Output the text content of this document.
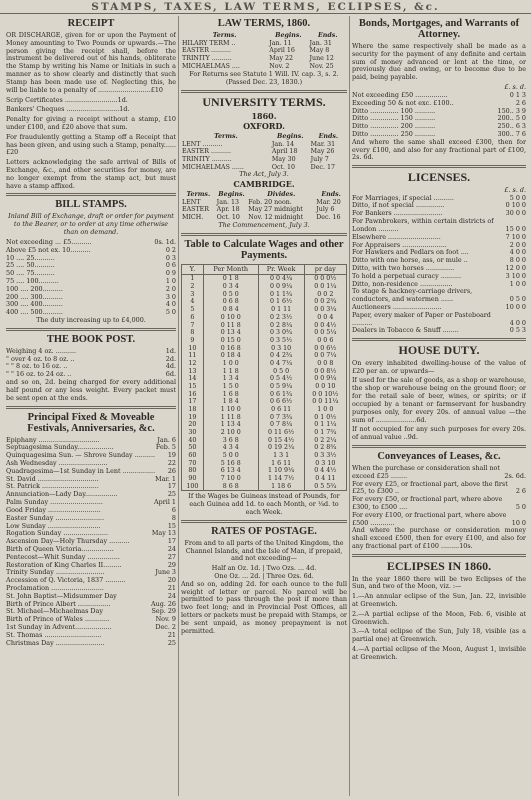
STAMPS, TAXES, LAW TERMS, ECLIPSES, &c.
RECEIPT
OR DISCHARGE, given for or upon the Payment of Money amounting to Two Pounds or upwards.—The person giving the receipt shall, before the instrument be delivered out of his hands, obliterate the Stamp by writing his Name or Initials in such a manner as to show clearly and distinctly that such Stamp has been made use of. Neglecting this, he will be liable to a penalty of ..........................£10
Scrip Certificates ..........................1d.
Bankers' Cheques ..........................1d.
Penalty for giving a receipt without a stamp, £10 under £100, and £20 above that sum.
For fraudulently getting a Stamp off a Receipt that has been given, and using such a Stamp, penalty......£20
Letters acknowledging the safe arrival of Bills of Exchange, &c., and other securities for money, are no longer exempt from the stamp act, but must have a stamp affixed.
BILL STAMPS.
Inland Bill of Exchange, draft or order for payment to the Bearer, or to order at any time otherwise than on demand.
Not exceeding ... £5..........	0s. 1d.
Above £5 not ex. 10..........	0 2
10 .... 25..........	0 3
25 .... 50..........	0 6
50 .... 75..........	0 9
75 .... 100..........	1 0
100 .... 200..........	2 0
200 .... 300..........	3 0
300 .... 400..........	4 0
400 .... 500..........	5 0
The duty increasing up to £4,000.
THE BOOK POST.
Weighing 4 oz. ..........	1d.
" over 4 oz. to 8 oz. ..	2d.
" " 8 oz. to 16 oz. ..	4d.
" " 16 oz. to 24 oz. ..	6d.
and so on, 2d. being charged for every additional half pound or any less weight. Every packet must be sent open at the ends.
Principal Fixed & Moveable Festivals, Anniversaries, &c.
Epiphany ..............................	Jan. 6
Septuagesima Sunday..................	Feb. 5
Quinquagesima Sun. — Shrove Sunday .......... 19
Ash Wednesday ........................	22
Quadragesima—1st Sunday in Lent ................ 26
St. David ..............................	Mar. 1
St. Patrick ............................	17
Annunciation—Lady Day................	25
Palm Sunday ..........................	April 1
Good Friday ..........................	6
Easter Sunday ........................	8
Low Sunday ..........................	15
Rogation Sunday ......................	May 13
Ascension Day—Holy Thursday ..........	17
Birth of Queen Victoria................	24
Pentecost—Whit Sunday ................	27
Restoration of King Charles II.........	29
Trinity Sunday ........................	June 3
Accession of Q. Victoria, 1837 ..........	20
Proclamation ..........................	21
St. John Baptist—Midsummer Day	24
Birth of Prince Albert ................	Aug. 26
St. Michael—Michaelmas Day	Sep. 29
Birth of Prince of Wales ............	Nov. 9
1st Sunday in Advent..................	Dec. 2
St. Thomas ............................	21
Christmas Day ........................	25
LAW TERMS, 1860.
Terms.	Begins.	Ends.
HILARY TERM ..	Jan. 11	Jan. 31
EASTER ..........	April 16	May 8
TRINITY ..........	May 22	June 12
MICHAELMAS ....	Nov. 2	Nov. 25
For Returns see Statute 1 Will. IV. cap. 3, s. 2. (Passed Dec. 23, 1830.)
UNIVERSITY TERMS.
1860.
OXFORD.
Terms.	Begins.	Ends.
LENT ..........	Jan. 14	Mar. 31
EASTER ..........	April 18	May 26
TRINITY ..........	May 30	July 7
MICHAELMAS ......	Oct. 10	Dec. 17
The Act, July 3.
CAMBRIDGE.
Terms.	Begins.	Divides.	Ends.
LENT	Jan. 13	Feb. 20 noon.	Mar. 20
EASTER	Apr. 18	May 27 midnight	July 6
MICH.	Oct. 10	Nov. 12 midnight	Dec. 16
The Commencement, July 3.
Table to Calculate Wages and other Payments.
Y.	Per Month	Pr. Week	pr day
1	0 1 8	0 0 4¼	0 0 0½
2	0 3 4	0 0 9¼	0 0 1¼
3	0 5 0	0 1 1¾	0 0 2
4	0 6 8	0 1 6½	0 0 2¾
5	0 8 4	0 1 11	0 0 3¼
6	0 10 0	0 2 3½	0 0 4
7	0 11 8	0 2 8¼	0 0 4½
8	0 13 4	0 3 0¾	0 0 5¼
9	0 15 0	0 3 5½	0 0 6
10	0 16 8	0 3 10	0 0 6½
11	0 18 4	0 4 2¾	0 0 7¼
12	1 0 0	0 4 7¼	0 0 8
13	1 1 8	0 5 0	0 0 8½
14	1 3 4	0 5 4½	0 0 9¼
15	1 5 0	0 5 9¼	0 0 10
16	1 6 8	0 6 1¾	0 0 10½
17	1 8 4	0 6 6½	0 0 11¼
18	1 10 0	0 6 11	1 0 0
19	1 11 8	0 7 3¾	0 1 0½
20	1 13 4	0 7 8¼	0 1 1¼
30	2 10 0	0 11 6½	0 1 7¾
40	3 6 8	0 15 4½	0 2 2¼
50	4 3 4	0 19 2¼	0 2 8¾
60	5 0 0	1 3 1	0 3 3½
70	5 16 8	1 6 11	0 3 10
80	6 13 4	1 10 9¼	0 4 4½
90	7 10 0	1 14 7½	0 4 11
100	8 6 8	1 18 6	0 5 5¾
If the Wages be Guineas instead of Pounds, for each Guinea add 1d. to each Month, or ¼d. to each Week.
RATES OF POSTAGE.
From and to all parts of the United Kingdom, the Channel Islands, and the Isle of Man, if prepaid, and not exceeding—
Half an Oz. 1d. | Two Ozs. ... 4d.
One Oz. ... 2d. | Three Ozs. 6d.
And so on, adding 2d. for each ounce to the full weight of letter or parcel. No parcel will be permitted to pass through the post if more than two feet long; and in Provincial Post Offices, all letters or packets must be prepaid with Stamps, or be sent unpaid, as money prepayment is not permitted.
Bonds, Mortgages, and Warrants of Attorney.
Where the same respectively shall be made as a security for the payment of any definite and certain sum of money advanced or lent at the time, or previously due and owing, or to become due to be paid, being payable.
£. s. d.
Not exceeding £50 ................	0 1 3
Exceeding 50 & not exc. £100..	2 6
Ditto .............. 100 ..........	150.. 3 9
Ditto .............. 150 ..........	200.. 5 0
Ditto .............. 200 ..........	250.. 6 3
Ditto .............. 250 ..........	300.. 7 6
And where the same shall exceed £300, then for every £100, and also for any fractional part of £100, 2s. 6d.
LICENSES.
£. s. d.
For Marriages, if special ..........	5 0 0
Ditto, if not special ..............	0 10 0
For Bankers ........................	30 0 0
For Pawnbrokers, within certain districts of London ..........	15 0 0
Elsewhere ..........................	7 10 0
For Appraisers ......................	2 0 0
For Hawkers and Pedlars on foot ....	4 0 0
Ditto with one horse, ass, or mule ..	8 0 0
Ditto, with two horses ..............	12 0 0
To hold a perpetual curacy ..........	3 10 0
Ditto, non-residence ................	1 0 0
To stage & hackney-carriage drivers, conductors, and watermen ......	0 5 0
Auctioneers ........................	10 0 0
Paper, every maker of Paper or Pasteboard ..........	4 0 0
Dealers in Tobacco & Snuff ........	0 5 3
HOUSE DUTY.
On every inhabited dwelling-house of the value of £20 per an. or upwards—
If used for the sale of goods, as a shop or warehouse, the shop or warehouse being on the ground floor; or for the retail sale of beer, wines, or spirits; or if occupied by a tenant or farmservant for husbandry purposes only, for every 20s. of annual value —the sum of ....................6d.
If not occupied for any such purposes for every 20s. of annual value ..9d.
Conveyances of Leases, &c.
When the purchase or consideration shall not exceed £25 ........	2s. 6d.
For every £25, or fractional part, above the first £25, to £300 ..	2 6
For every £50, or fractional part, where above £300, to £500 ....	5 0
For every £100, or fractional part, where above £500 ............	10 0
And where the purchase or consideration money shall exceed £500, then for every £100, and also for any fractional part of £100 .........10s.
ECLIPSES IN 1860.
In the year 1860 there will be two Eclipses of the Sun, and two of the Moon, viz. :—
1.—An annular eclipse of the Sun, Jan. 22, invisible at Greenwich.
2.—A partial eclipse of the Moon, Feb. 6, visible at Greenwich.
3.—A total eclipse of the Sun, July 18, visible (as a partial one) at Greenwich.
4.—A partial eclipse of the Moon, August 1, invisible at Greenwich.
